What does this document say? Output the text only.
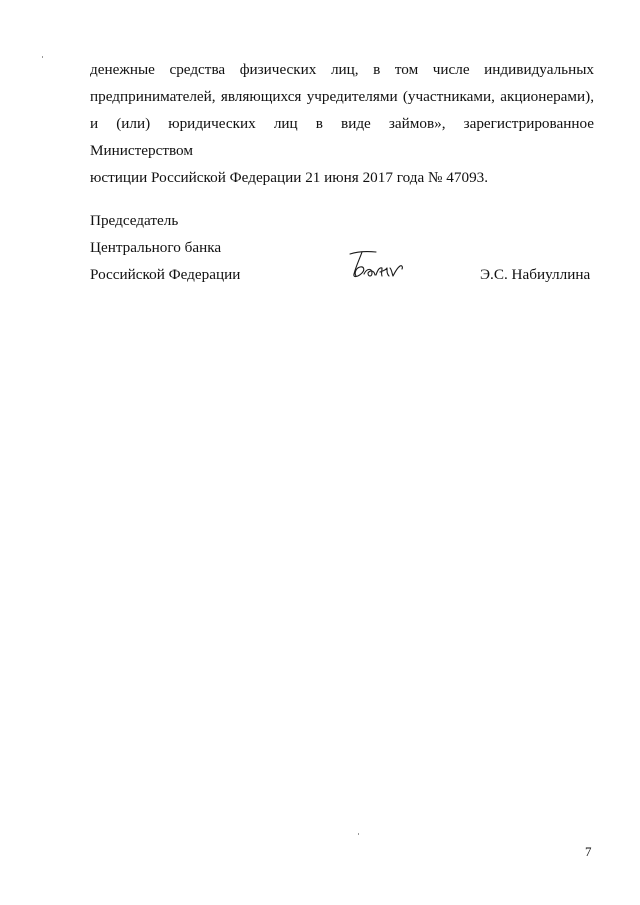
денежные средства физических лиц, в том числе индивидуальных
предпринимателей, являющихся учредителями (участниками, акционерами),
и (или) юридических лиц в виде займов», зарегистрированное Министерством
юстиции Российской Федерации 21 июня 2017 года № 47093.
Председатель
Центрального банка
Российской Федерации	Э.С. Набиуллина
7
